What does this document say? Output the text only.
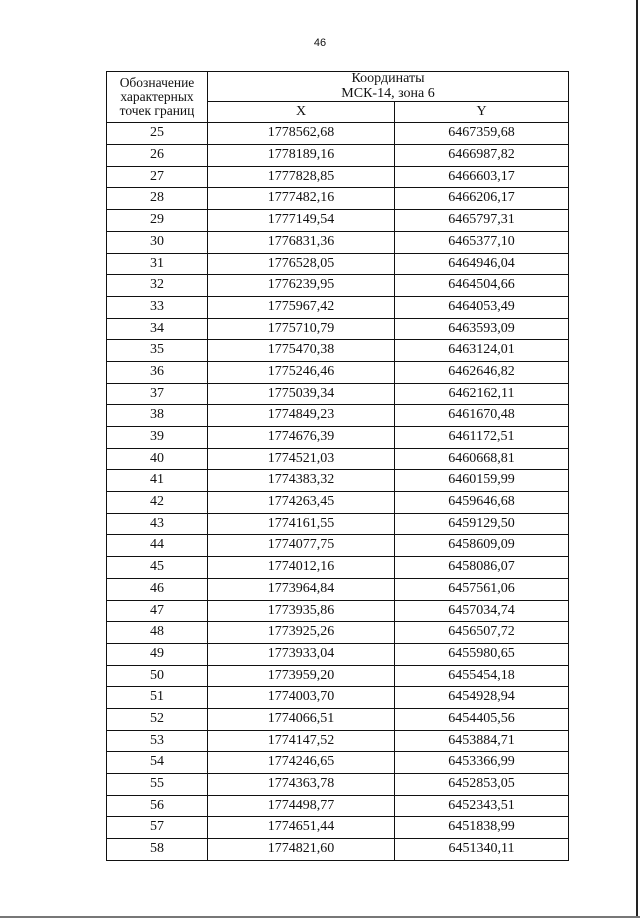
46
Обозначение характерных точек границ	Координаты
МСК-14, зона 6	

	X	Y
25	1778562,68	6467359,68
26	1778189,16	6466987,82
27	1777828,85	6466603,17
28	1777482,16	6466206,17
29	1777149,54	6465797,31
30	1776831,36	6465377,10
31	1776528,05	6464946,04
32	1776239,95	6464504,66
33	1775967,42	6464053,49
34	1775710,79	6463593,09
35	1775470,38	6463124,01
36	1775246,46	6462646,82
37	1775039,34	6462162,11
38	1774849,23	6461670,48
39	1774676,39	6461172,51
40	1774521,03	6460668,81
41	1774383,32	6460159,99
42	1774263,45	6459646,68
43	1774161,55	6459129,50
44	1774077,75	6458609,09
45	1774012,16	6458086,07
46	1773964,84	6457561,06
47	1773935,86	6457034,74
48	1773925,26	6456507,72
49	1773933,04	6455980,65
50	1773959,20	6455454,18
51	1774003,70	6454928,94
52	1774066,51	6454405,56
53	1774147,52	6453884,71
54	1774246,65	6453366,99
55	1774363,78	6452853,05
56	1774498,77	6452343,51
57	1774651,44	6451838,99
58	1774821,60	6451340,11
